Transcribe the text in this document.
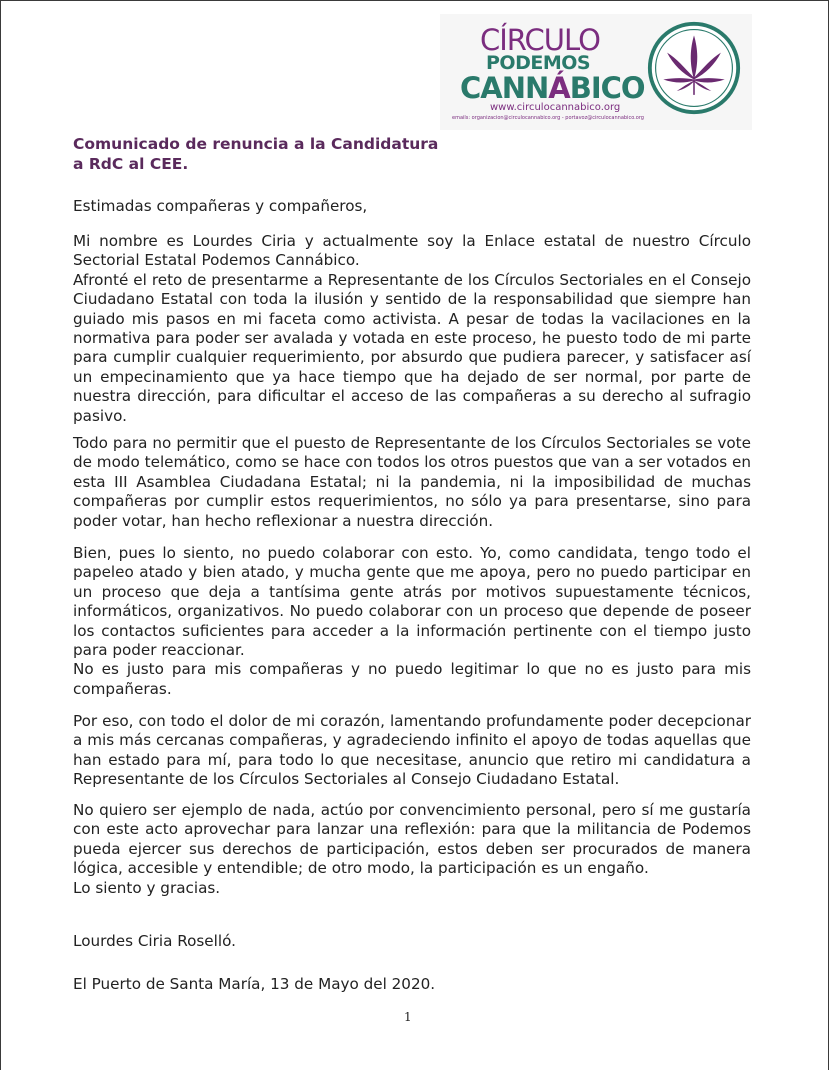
CÍRCULO
PODEMOS
CANNÁBICO
www.circulocannabico.org
emails: organizacion@circulocannabico.org - portavoz@circulocannabico.org
Comunicado de renuncia a la Candidatura
a RdC al CEE.
Estimadas compañeras y compañeros,
Mi nombre es Lourdes Ciria y actualmente soy la Enlace estatal de nuestro Círculo
Sectorial Estatal Podemos Cannábico.
Afronté el reto de presentarme a Representante de los Círculos Sectoriales en el Consejo
Ciudadano Estatal con toda la ilusión y sentido de la responsabilidad que siempre han
guiado mis pasos en mi faceta como activista. A pesar de todas la vacilaciones en la
normativa para poder ser avalada y votada en este proceso, he puesto todo de mi parte
para cumplir cualquier requerimiento, por absurdo que pudiera parecer, y satisfacer así
un empecinamiento que ya hace tiempo que ha dejado de ser normal, por parte de
nuestra dirección, para dificultar el acceso de las compañeras a su derecho al sufragio
pasivo.
Todo para no permitir que el puesto de Representante de los Círculos Sectoriales se vote
de modo telemático, como se hace con todos los otros puestos que van a ser votados en
esta III Asamblea Ciudadana Estatal; ni la pandemia, ni la imposibilidad de muchas
compañeras por cumplir estos requerimientos, no sólo ya para presentarse, sino para
poder votar, han hecho reflexionar a nuestra dirección.
Bien, pues lo siento, no puedo colaborar con esto. Yo, como candidata, tengo todo el
papeleo atado y bien atado, y mucha gente que me apoya, pero no puedo participar en
un proceso que deja a tantísima gente atrás por motivos supuestamente técnicos,
informáticos, organizativos. No puedo colaborar con un proceso que depende de poseer
los contactos suficientes para acceder a la información pertinente con el tiempo justo
para poder reaccionar.
No es justo para mis compañeras y no puedo legitimar lo que no es justo para mis
compañeras.
Por eso, con todo el dolor de mi corazón, lamentando profundamente poder decepcionar
a mis más cercanas compañeras, y agradeciendo infinito el apoyo de todas aquellas que
han estado para mí, para todo lo que necesitase, anuncio que retiro mi candidatura a
Representante de los Círculos Sectoriales al Consejo Ciudadano Estatal.
No quiero ser ejemplo de nada, actúo por convencimiento personal, pero sí me gustaría
con este acto aprovechar para lanzar una reflexión: para que la militancia de Podemos
pueda ejercer sus derechos de participación, estos deben ser procurados de manera
lógica, accesible y entendible; de otro modo, la participación es un engaño.
Lo siento y gracias.
Lourdes Ciria Roselló.
El Puerto de Santa María, 13 de Mayo del 2020.
1
